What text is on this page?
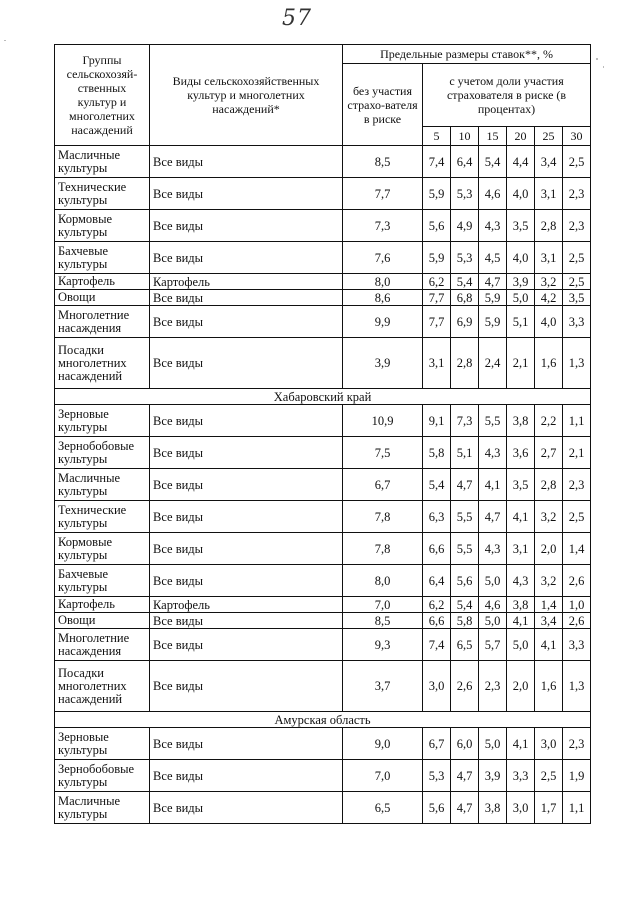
57
Группы сельскохозяй-ственных культур и многолетних насаждений	Виды сельскохозяйственных культур и многолетних насаждений*	Предельные размеры ставок**, %						
		без участия страхо-вателя в риске	с учетом доли участия страхователя в риске (в процентах)					
			5	10	15	20	25	30
Масличные культуры	Все виды	8,5	7,4	6,4	5,4	4,4	3,4	2,5
Технические культуры	Все виды	7,7	5,9	5,3	4,6	4,0	3,1	2,3
Кормовые культуры	Все виды	7,3	5,6	4,9	4,3	3,5	2,8	2,3
Бахчевые культуры	Все виды	7,6	5,9	5,3	4,5	4,0	3,1	2,5
Картофель	Картофель	8,0	6,2	5,4	4,7	3,9	3,2	2,5
Овощи	Все виды	8,6	7,7	6,8	5,9	5,0	4,2	3,5
Многолетние насаждения	Все виды	9,9	7,7	6,9	5,9	5,1	4,0	3,3
Посадки многолетних насаждений	Все виды	3,9	3,1	2,8	2,4	2,1	1,6	1,3
Хабаровский край								
Зерновые культуры	Все виды	10,9	9,1	7,3	5,5	3,8	2,2	1,1
Зернобобовые культуры	Все виды	7,5	5,8	5,1	4,3	3,6	2,7	2,1
Масличные культуры	Все виды	6,7	5,4	4,7	4,1	3,5	2,8	2,3
Технические культуры	Все виды	7,8	6,3	5,5	4,7	4,1	3,2	2,5
Кормовые культуры	Все виды	7,8	6,6	5,5	4,3	3,1	2,0	1,4
Бахчевые культуры	Все виды	8,0	6,4	5,6	5,0	4,3	3,2	2,6
Картофель	Картофель	7,0	6,2	5,4	4,6	3,8	1,4	1,0
Овощи	Все виды	8,5	6,6	5,8	5,0	4,1	3,4	2,6
Многолетние насаждения	Все виды	9,3	7,4	6,5	5,7	5,0	4,1	3,3
Посадки многолетних насаждений	Все виды	3,7	3,0	2,6	2,3	2,0	1,6	1,3
Амурская область								
Зерновые культуры	Все виды	9,0	6,7	6,0	5,0	4,1	3,0	2,3
Зернобобовые культуры	Все виды	7,0	5,3	4,7	3,9	3,3	2,5	1,9
Масличные культуры	Все виды	6,5	5,6	4,7	3,8	3,0	1,7	1,1
